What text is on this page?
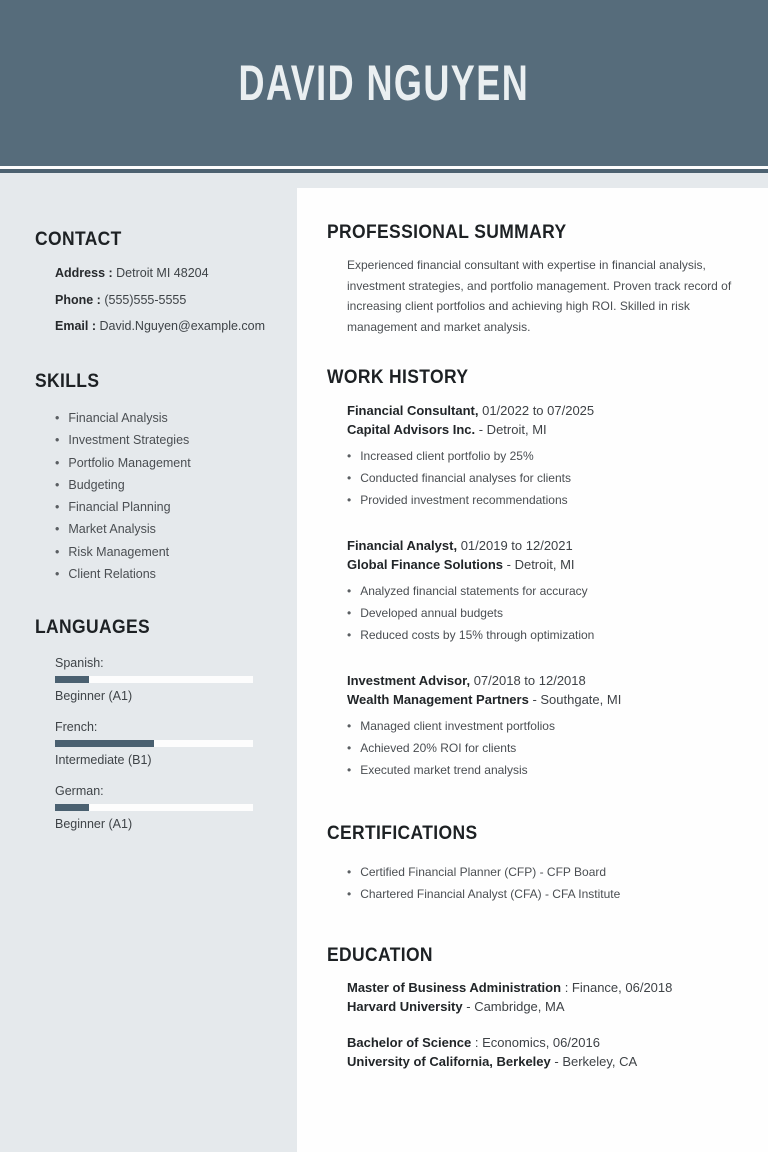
DAVID NGUYEN
CONTACT
Address : Detroit MI 48204
Phone : (555)555-5555
Email : David.Nguyen@example.com
SKILLS
• Financial Analysis
• Investment Strategies
• Portfolio Management
• Budgeting
• Financial Planning
• Market Analysis
• Risk Management
• Client Relations
LANGUAGES
Spanish:
Beginner (A1)
French:
Intermediate (B1)
German:
Beginner (A1)
PROFESSIONAL SUMMARY

Experienced financial consultant with expertise in financial analysis, investment strategies, and portfolio management. Proven track record of increasing client portfolios and achieving high ROI. Skilled in risk management and market analysis.

WORK HISTORY
Financial Consultant, 01/2022 to 07/2025
Capital Advisors Inc. - Detroit, MI
• Increased client portfolio by 25%
• Conducted financial analyses for clients
• Provided investment recommendations
Financial Analyst, 01/2019 to 12/2021
Global Finance Solutions - Detroit, MI
• Analyzed financial statements for accuracy
• Developed annual budgets
• Reduced costs by 15% through optimization
Investment Advisor, 07/2018 to 12/2018
Wealth Management Partners - Southgate, MI
• Managed client investment portfolios
• Achieved 20% ROI for clients
• Executed market trend analysis
CERTIFICATIONS
• Certified Financial Planner (CFP) - CFP Board
• Chartered Financial Analyst (CFA) - CFA Institute
EDUCATION
Master of Business Administration : Finance, 06/2018
Harvard University - Cambridge, MA
Bachelor of Science : Economics, 06/2016
University of California, Berkeley - Berkeley, CA
